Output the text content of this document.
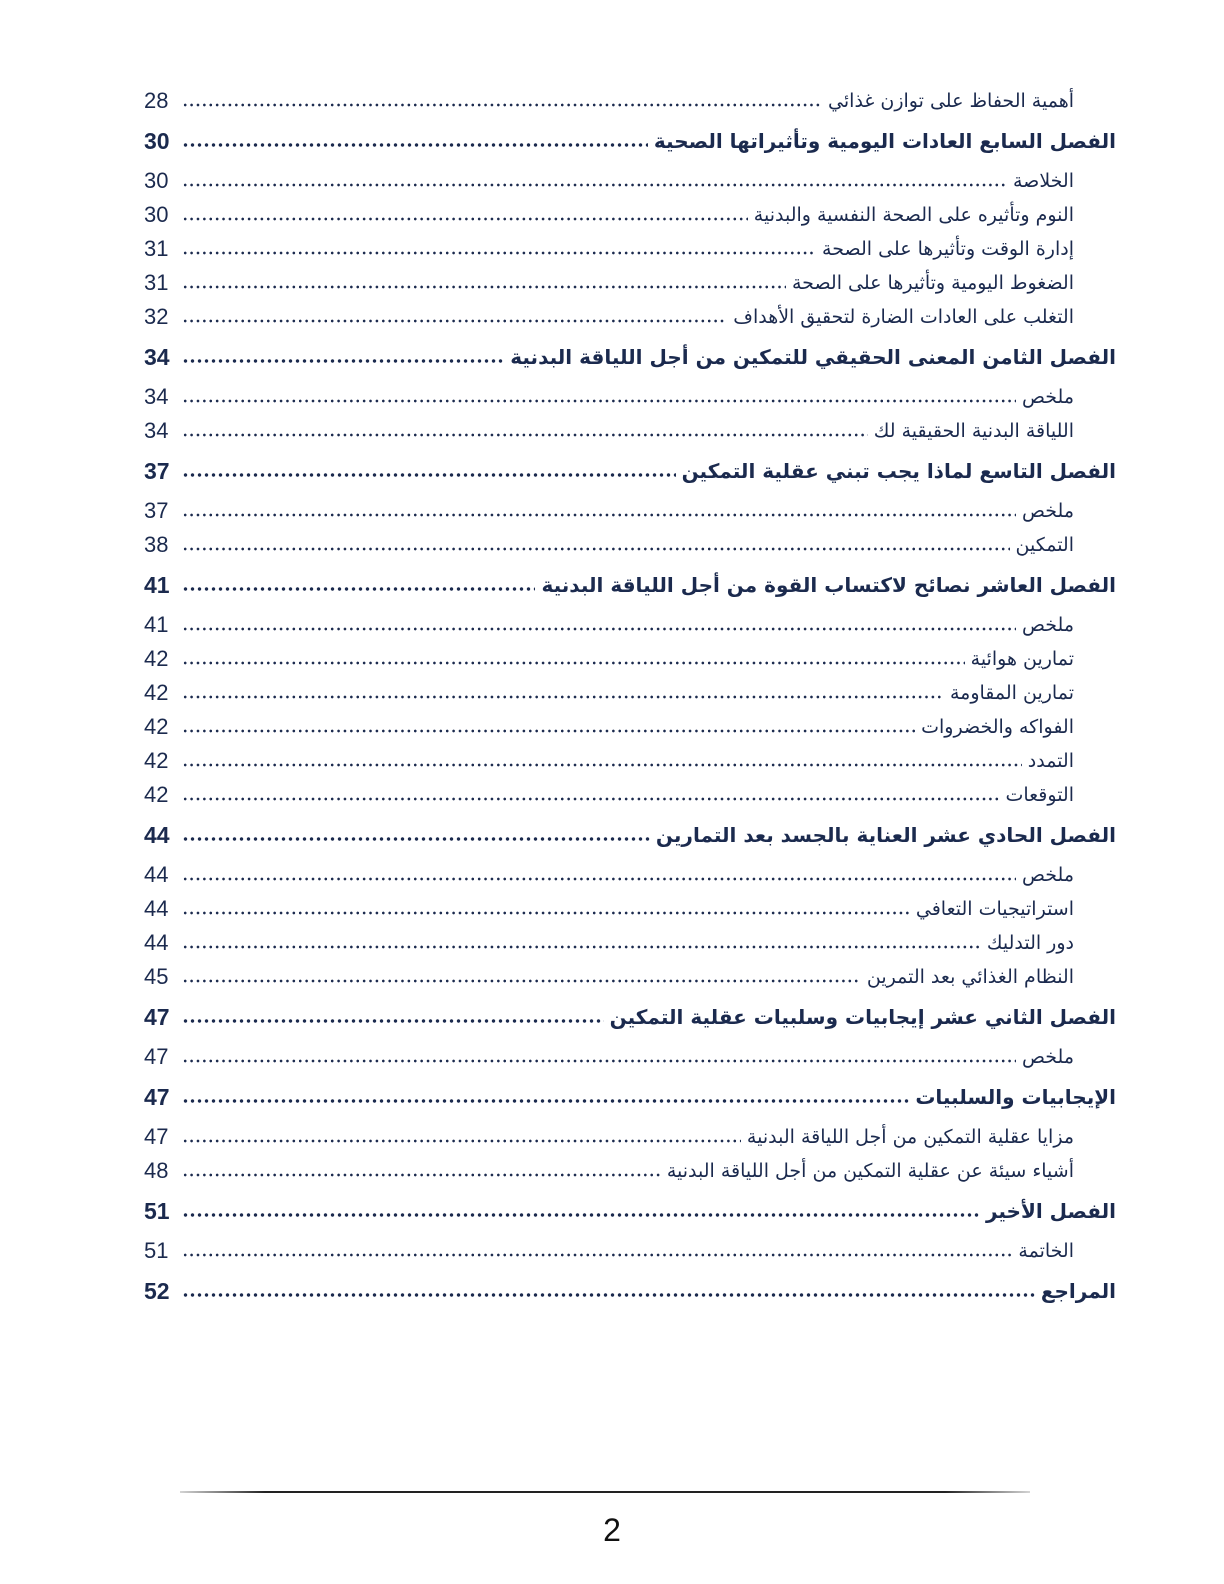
28	أهمية الحفاظ على توازن غذائي
30	الفصل السابع العادات اليومية وتأثيراتها الصحية
30	الخلاصة
30	النوم وتأثيره على الصحة النفسية والبدنية
31	إدارة الوقت وتأثيرها على الصحة
31	الضغوط اليومية وتأثيرها على الصحة
32	التغلب على العادات الضارة لتحقيق الأهداف
34	الفصل الثامن المعنى الحقيقي للتمكين من أجل اللياقة البدنية
34	ملخص
34	اللياقة البدنية الحقيقية لك
37	الفصل التاسع لماذا يجب تبني عقلية التمكين
37	ملخص
38	التمكين
41	الفصل العاشر نصائح لاكتساب القوة من أجل اللياقة البدنية
41	ملخص
42	تمارين هوائية
42	تمارين المقاومة
42	الفواكه والخضروات
42	التمدد
42	التوقعات
44	الفصل الحادي عشر العناية بالجسد بعد التمارين
44	ملخص
44	استراتيجيات التعافي
44	دور التدليك
45	النظام الغذائي بعد التمرين
47	الفصل الثاني عشر إيجابيات وسلبيات عقلية التمكين
47	ملخص
47	الإيجابيات والسلبيات
47	مزايا عقلية التمكين من أجل اللياقة البدنية
48	أشياء سيئة عن عقلية التمكين من أجل اللياقة البدنية
51	الفصل الأخير
51	الخاتمة
52	المراجع
2
